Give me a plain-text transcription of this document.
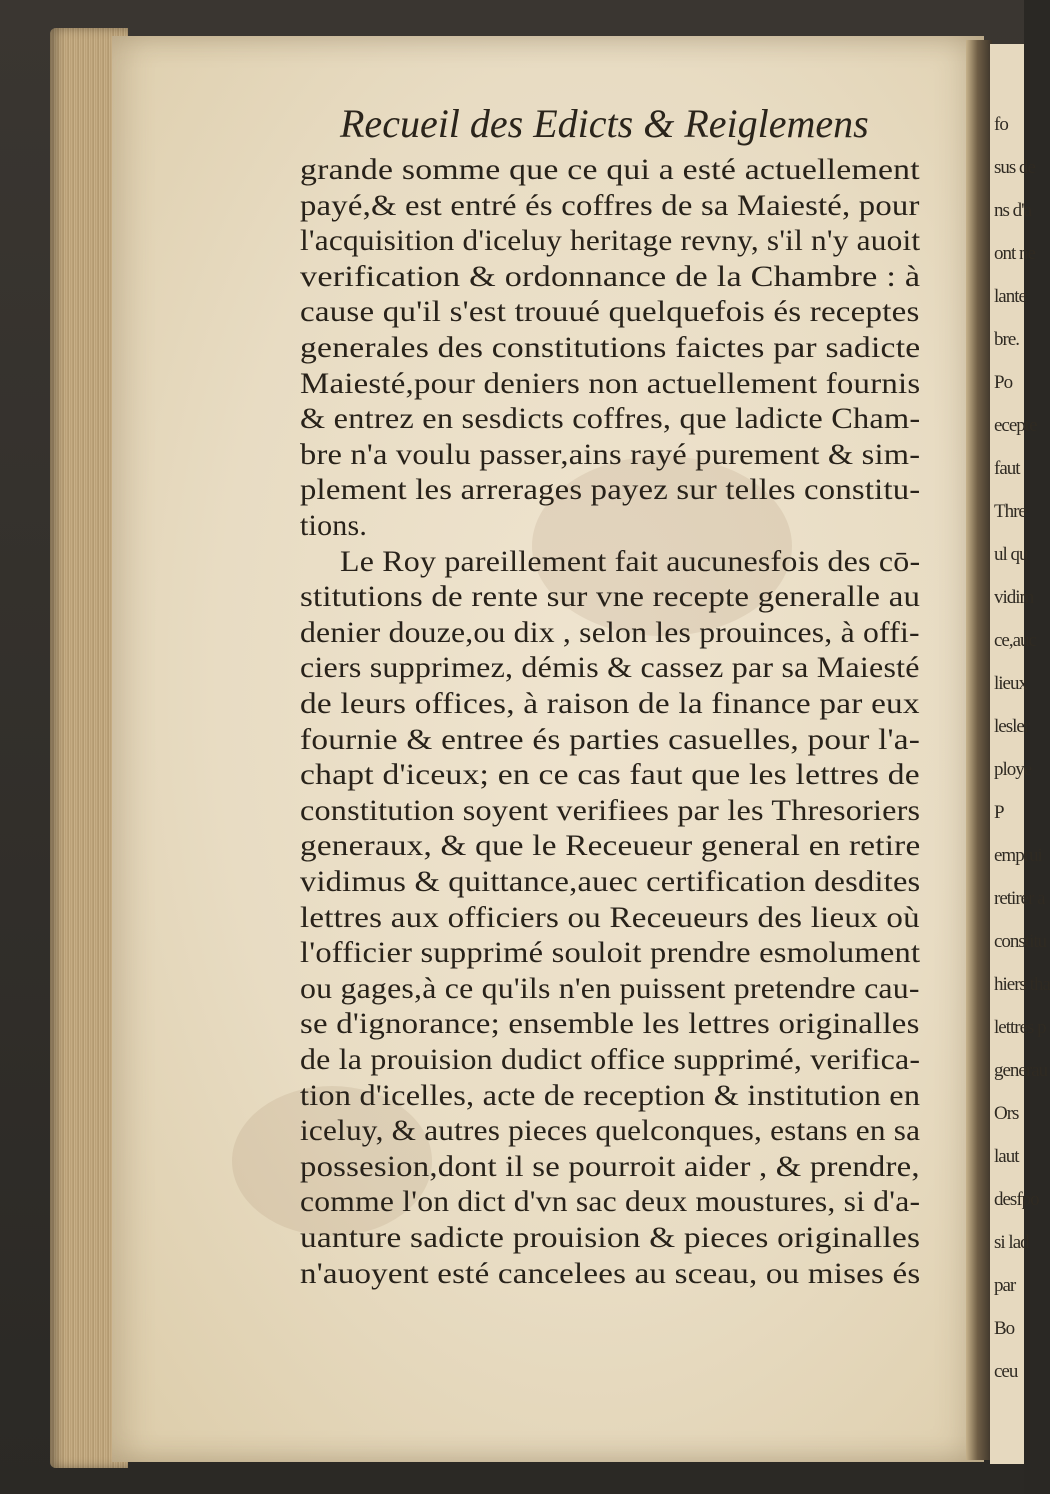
fo
sus de
ns d'a
ont ne
lante
bre.
Po
ecepte
faut
Thre
ul qu
vidim
ce,auc
lieux
lesler
ploye
P
emprui
retirer a
constitu
hiers tha
lettres p
generau
Ors
laut
desfpo
si lad
par
Bo
ceu
Recueil des Edicts & Reiglemens
grande somme que ce qui a esté actuellement
payé,& est entré és coffres de sa Maiesté, pour
l'acquisition d'iceluy heritage revny, s'il n'y auoit
verification & ordonnance de la Chambre : à
cause qu'il s'est trouué quelquefois és receptes
generales des constitutions faictes par sadicte
Maiesté,pour deniers non actuellement fournis
& entrez en sesdicts coffres, que ladicte Cham-
bre n'a voulu passer,ains rayé purement & sim-
plement les arrerages payez sur telles constitu-
tions.
Le Roy pareillement fait aucunesfois des cō-
stitutions de rente sur vne recepte generalle au
denier douze,ou dix , selon les prouinces, à offi-
ciers supprimez, démis & cassez par sa Maiesté
de leurs offices, à raison de la finance par eux
fournie & entree és parties casuelles, pour l'a-
chapt d'iceux; en ce cas faut que les lettres de
constitution soyent verifiees par les Thresoriers
generaux, & que le Receueur general en retire
vidimus & quittance,auec certification desdites
lettres aux officiers ou Receueurs des lieux où
l'officier supprimé souloit prendre esmolument
ou gages,à ce qu'ils n'en puissent pretendre cau-
se d'ignorance; ensemble les lettres originalles
de la prouision dudict office supprimé, verifica-
tion d'icelles, acte de reception & institution en
iceluy, & autres pieces quelconques, estans en sa
possesion,dont il se pourroit aider , & prendre,
comme l'on dict d'vn sac deux moustures, si d'a-
uanture sadicte prouision & pieces originalles
n'auoyent esté cancelees au sceau, ou mises és
